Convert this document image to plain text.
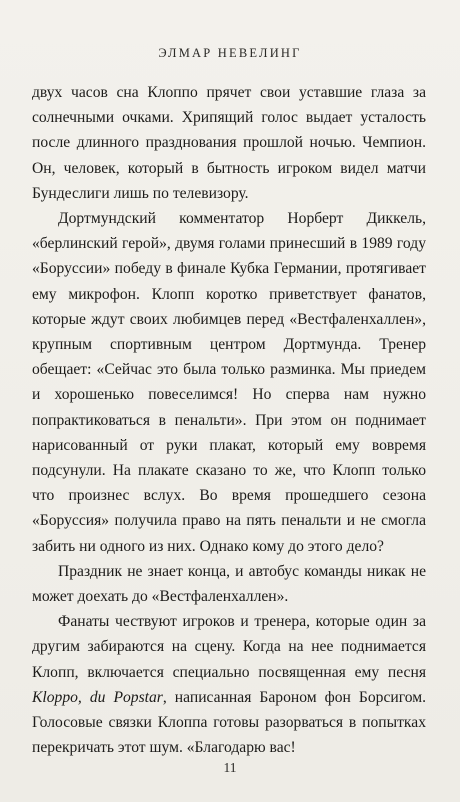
ЭЛМАР НЕВЕЛИНГ

двух часов сна Клоппо прячет свои уставшие глаза за солнечными очками. Хрипящий голос выдает усталость после длинного празднования прошлой ночью. Чемпион. Он, человек, который в бытность игроком видел матчи Бундеслиги лишь по телевизору.

Дортмундский комментатор Норберт Диккель, «берлинский герой», двумя голами принесший в 1989 году «Боруссии» победу в финале Кубка Германии, протягивает ему микрофон. Клопп коротко приветствует фанатов, которые ждут своих любимцев перед «Вестфаленхаллен», крупным спортивным центром Дортмунда. Тренер обещает: «Сейчас это была только разминка. Мы приедем и хорошенько повеселимся! Но сперва нам нужно попрактиковаться в пенальти». При этом он поднимает нарисованный от руки плакат, который ему вовремя подсунули. На плакате сказано то же, что Клопп только что произнес вслух. Во время прошедшего сезона «Боруссия» получила право на пять пенальти и не смогла забить ни одного из них. Однако кому до этого дело?

Праздник не знает конца, и автобус команды никак не может доехать до «Вестфаленхаллен».

Фанаты чествуют игроков и тренера, которые один за другим забираются на сцену. Когда на нее поднимается Клопп, включается специально посвященная ему песня Kloppo, du Popstar, написанная Бароном фон Борсигом. Голосовые связки Клоппа готовы разорваться в попытках перекричать этот шум. «Благодарю вас!

11
